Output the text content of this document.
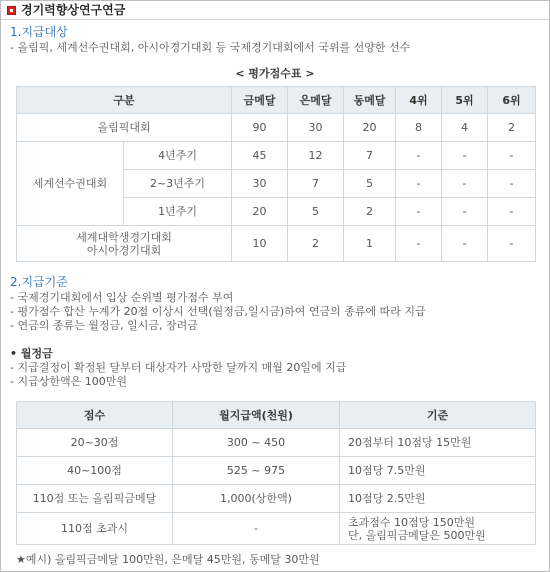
경기력향상연구연금
1.지급대상
- 올림픽, 세계선수권대회, 아시아경기대회 등 국제경기대회에서 국위를 선양한 선수
< 평가점수표 >
구분		금메달	은메달	동메달	4위	5위	6위
올림픽대회		90	30	20	8	4	2
세계선수권대회	4년주기	45	12	7	-	-	-
	2~3년주기	30	7	5	-	-	-
	1년주기	20	5	2	-	-	-

세계대학생경기대회
아시아경기대회		10	2	1	-	-	-
2.지급기준
- 국제경기대회에서 입상 순위별 평가점수 부여
- 평가점수 합산 누계가 20점 이상시 선택(월정금,일시금)하여 연금의 종류에 따라 지급
- 연금의 종류는 월정금, 일시금, 장려금
• 월정금
- 지급결정이 확정된 달부터 대상자가 사망한 달까지 매월 20일에 지급
- 지급상한액은 100만원
점수	월지급액(천원)	기준
20~30점	300 ~ 450	20점부터 10점당 15만원
40~100점	525 ~ 975	10점당 7.5만원
110점 또는 올림픽금메달	1,000(상한액)	10점당 2.5만원
110점 초과시	-	초과점수 10점당 150만원
단, 올림픽금메달은 500만원
★예시) 올림픽금메달 100만원, 은메달 45만원, 동메달 30만원
